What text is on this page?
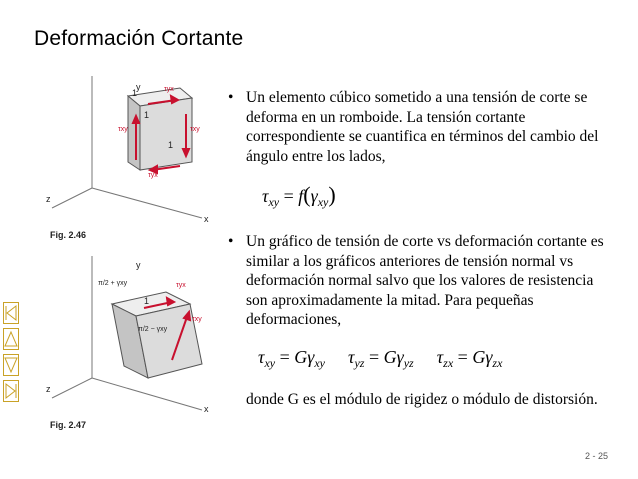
Deformación Cortante
y
z
x
1
1
1
τyx
τxy	τxy
τyx
Fig. 2.46
y
z
x
π/2 + γxy
π/2 − γxy
τyx
τxy
1
Fig. 2.47
• Un elemento cúbico sometido a una tensión de corte se deforma en un romboide. La tensión cortante correspondiente se cuantifica en términos del cambio del ángulo entre los lados,
$\tau_{xy} = f(\gamma_{xy})$
• Un gráfico de tensión de corte vs deformación cortante es similar a los gráficos anteriores de tensión normal vs deformación normal salvo que los valores de resistencia son aproximadamente la mitad. Para pequeñas deformaciones,
$\tau_{xy} = G\gamma_{xy}$ $\tau_{yz} = G\gamma_{yz}$ $\tau_{zx} = G\gamma_{zx}$
donde G es el módulo de rigidez o módulo de distorsión.
2 - 25
